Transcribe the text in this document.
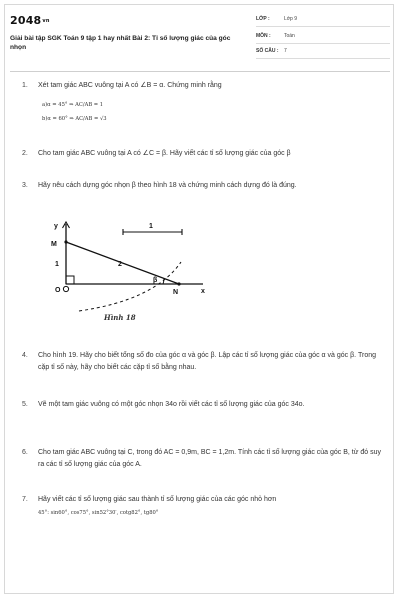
2048vn
Giải bài tập SGK Toán 9 tập 1 hay nhất Bài 2: Tỉ số lượng giác của góc nhọn
LỚP :	Lớp 9
MÔN :	Toán
SỐ CÂU : 7
1. Xét tam giác ABC vuông tại A có ∠B = α. Chứng minh rằng
a)α = 45° ⇒ AC/AB = 1
b)α = 60° ⇒ AC/AB = √3
2. Cho tam giác ABC vuông tại A có ∠C = β. Hãy viết các tỉ số lượng giác của góc β
3. Hãy nêu cách dựng góc nhọn β theo hình 18 và chứng minh cách dựng đó là đúng.
y
M
1
O
2
β
N	x
1
Hình 18
4. Cho hình 19. Hãy cho biết tổng số đo của góc α và góc β. Lập các tỉ số lượng giác của góc α và góc β. Trong cặp tỉ số này, hãy cho biết các cặp tỉ số bằng nhau.
5. Vẽ một tam giác vuông có một góc nhọn 34o rồi viết các tỉ số lượng giác của góc 34o.
6. Cho tam giác ABC vuông tại C, trong đó AC = 0,9m, BC = 1,2m. Tính các tỉ số lượng giác của góc B, từ đó suy ra các tỉ số lượng giác của góc A.
7. Hãy viết các tỉ số lượng giác sau thành tỉ số lượng giác của các góc nhỏ hơn
45°: sin60°, cos75°, sin52°30′, cotg82°, tg80°
